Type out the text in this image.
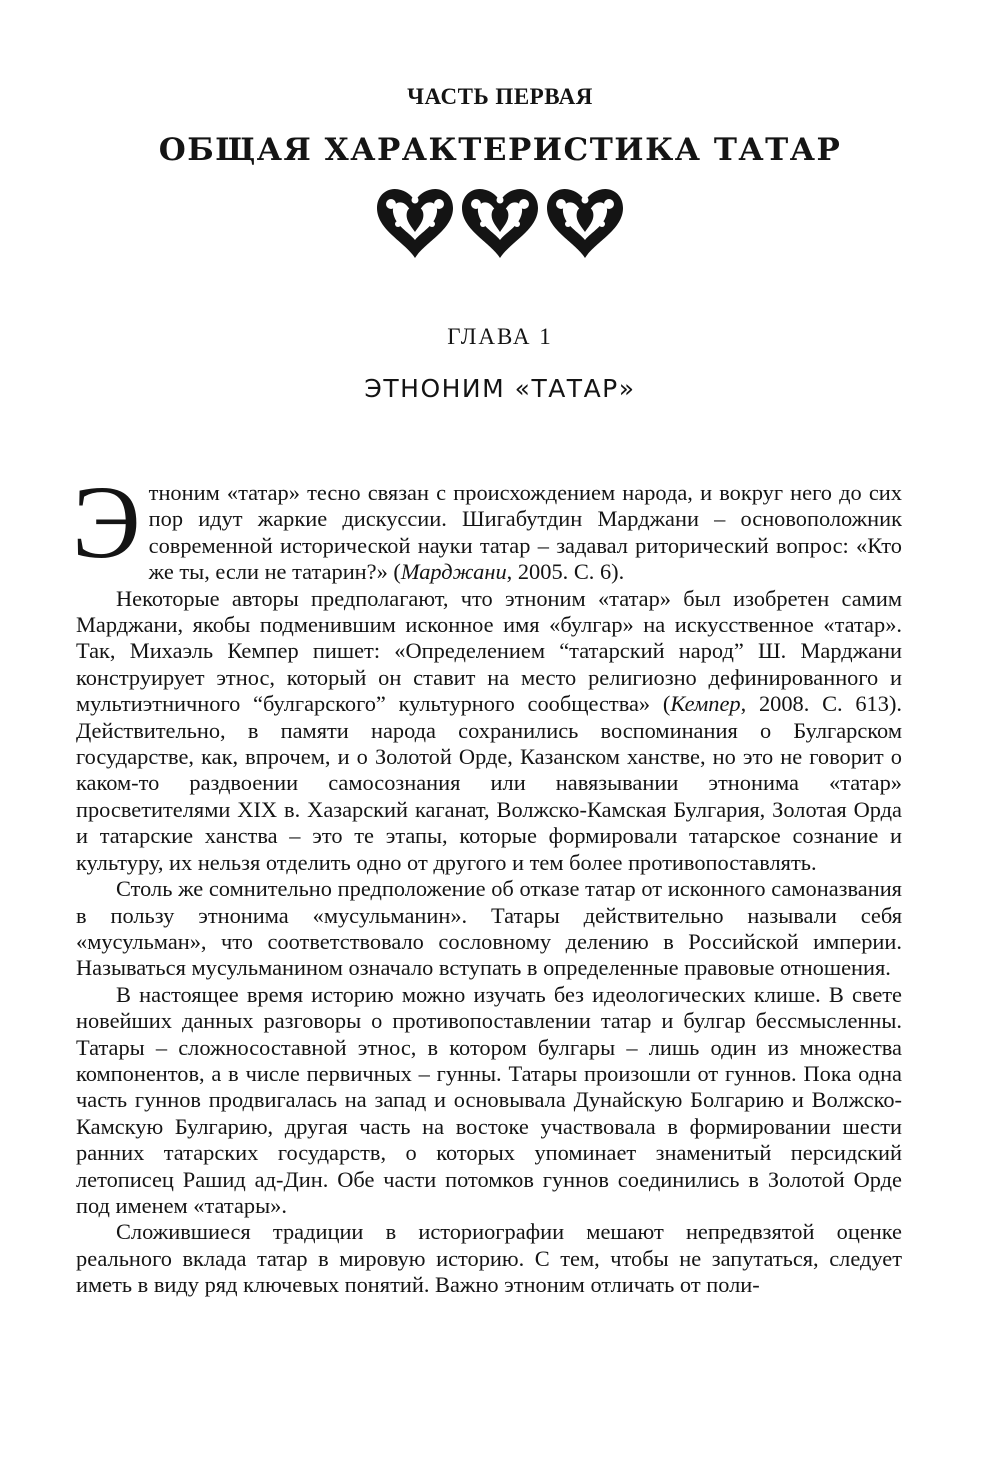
ЧАСТЬ ПЕРВАЯ
ОБЩАЯ ХАРАКТЕРИСТИКА ТАТАР
ГЛАВА 1
ЭТНОНИМ «ТАТАР»

Этноним «татар» тесно связан с происхождением народа, и вокруг него до сих пор идут жаркие дискуссии. Шигабутдин Марджани – основоположник современной исторической науки татар – задавал риторический вопрос: «Кто же ты, если не татарин?» (Марджани, 2005. С. 6).

Некоторые авторы предполагают, что этноним «татар» был изобретен самим Марджани, якобы подменившим исконное имя «булгар» на искусственное «татар». Так, Михаэль Кемпер пишет: «Определением “татарский народ” Ш. Марджани конструирует этнос, который он ставит на место религиозно дефинированного и мультиэтничного “булгарского” культурного сообщества» (Кемпер, 2008. С. 613). Действительно, в памяти народа сохранились воспоминания о Булгарском государстве, как, впрочем, и о Золотой Орде, Казанском ханстве, но это не говорит о каком-то раздвоении самосознания или навязывании этнонима «татар» просветителями XIX в. Хазарский каганат, Волжско-Камская Булгария, Золотая Орда и татарские ханства – это те этапы, которые формировали татарское сознание и культуру, их нельзя отделить одно от другого и тем более противопоставлять.

Столь же сомнительно предположение об отказе татар от исконного самоназвания в пользу этнонима «мусульманин». Татары действительно называли себя «мусульман», что соответствовало сословному делению в Российской империи. Называться мусульманином означало вступать в определенные правовые отношения.

В настоящее время историю можно изучать без идеологических клише. В свете новейших данных разговоры о противопоставлении татар и булгар бессмысленны. Татары – сложносоставной этнос, в котором булгары – лишь один из множества компонентов, а в числе первичных – гунны. Татары произошли от гуннов. Пока одна часть гуннов продвигалась на запад и основывала Дунайскую Болгарию и Волжско-Камскую Булгарию, другая часть на востоке участвовала в формировании шести ранних татарских государств, о которых упоминает знаменитый персидский летописец Рашид ад-Дин. Обе части потомков гуннов соединились в Золотой Орде под именем «татары».

Сложившиеся традиции в историографии мешают непредвзятой оценке реального вклада татар в мировую историю. С тем, чтобы не запутаться, следует иметь в виду ряд ключевых понятий. Важно этноним отличать от поли-
